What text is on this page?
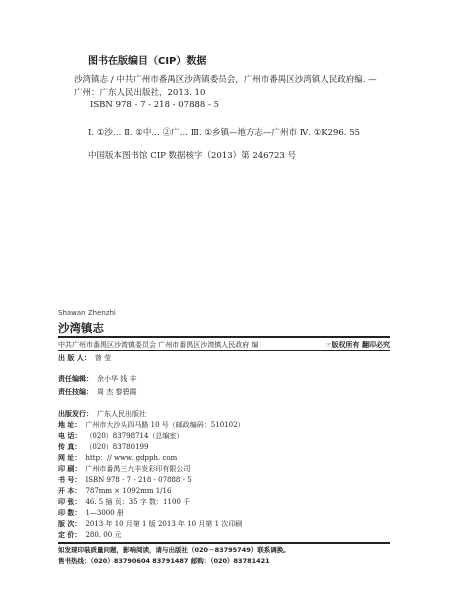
图书在版编目（CIP）数据
沙湾镇志 / 中共广州市番禺区沙湾镇委员会，广州市番禺区沙湾镇人民政府编. —
广州：广东人民出版社，2013. 10
ISBN 978 - 7 - 218 - 07888 - 5
Ⅰ. ①沙… Ⅱ. ①中… ②广… Ⅲ. ①乡镇—地方志—广州市 Ⅳ. ①K296. 55
中国版本图书馆 CIP 数据核字（2013）第 246723 号
Shawan Zhenzhi
沙湾镇志
中共广州市番禺区沙湾镇委员会 广州市番禺区沙湾镇人民政府 编	☞版权所有 翻印必究
出 版 人： 曾 莹
责任编辑： 余小华 钱 丰
责任技编： 周 杰 黎碧霞
出版发行： 广东人民出版社
地 址： 广州市大沙头四马路 10 号（邮政编码：510102）
电 话： （020）83798714（总编室）
传 真： （020）83780199
网 址： http：// www. gdpph. com
印 刷： 广州市番禺三九丰发彩印有限公司
书 号： ISBN 978 - 7 - 218 - 07888 - 5
开 本： 787mm × 1092mm 1/16
印 张： 46. 5 插 页：35 字 数：1100 千
印 数： 1—3000 册
版 次： 2013 年 10 月第 1 版 2013 年 10 月第 1 次印刷
定 价： 280. 00 元
如发现印装质量问题，影响阅读，请与出版社（020－83795749）联系调换。
售书热线：（020）83790604 83791487 邮购：（020）83781421
